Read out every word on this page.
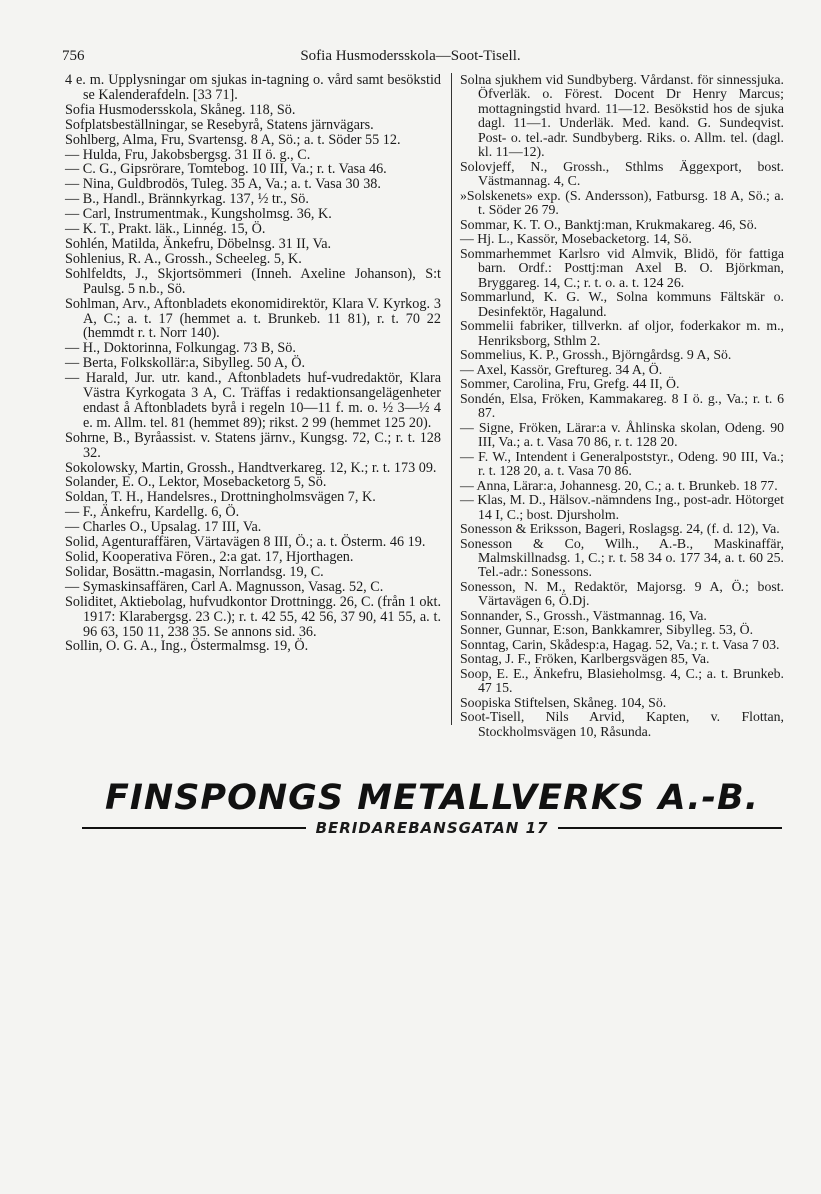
756	Sofia Husmodersskola—Soot-Tisell.

4 e. m. Upplysningar om sjukas in-tagning o. vård samt besökstid se Kalenderafdeln. [33 71].

Sofia Husmodersskola, Skåneg. 118, Sö.

Sofplatsbeställningar, se Resebyrå, Statens järnvägars.

Sohlberg, Alma, Fru, Svartensg. 8 A, Sö.; a. t. Söder 55 12.

— Hulda, Fru, Jakobsbergsg. 31 II ö. g., C.

— C. G., Gipsrörare, Tomtebog. 10 III, Va.; r. t. Vasa 46.

— Nina, Guldbrodös, Tuleg. 35 A, Va.; a. t. Vasa 30 38.

— B., Handl., Brännkyrkag. 137, ½ tr., Sö.

— Carl, Instrumentmak., Kungsholmsg. 36, K.

— K. T., Prakt. läk., Linnég. 15, Ö.

Sohlén, Matilda, Änkefru, Döbelnsg. 31 II, Va.

Sohlenius, R. A., Grossh., Scheeleg. 5, K.

Sohlfeldts, J., Skjortsömmeri (Inneh. Axeline Johanson), S:t Paulsg. 5 n.b., Sö.

Sohlman, Arv., Aftonbladets ekonomidirektör, Klara V. Kyrkog. 3 A, C.; a. t. 17 (hemmet a. t. Brunkeb. 11 81), r. t. 70 22 (hemmdt r. t. Norr 140).

— H., Doktorinna, Folkungag. 73 B, Sö.

— Berta, Folkskollär:a, Sibylleg. 50 A, Ö.

— Harald, Jur. utr. kand., Aftonbladets huf-vudredaktör, Klara Västra Kyrkogata 3 A, C. Träffas i redaktionsangelägenheter endast å Aftonbladets byrå i regeln 10—11 f. m. o. ½ 3—½ 4 e. m. Allm. tel. 81 (hemmet 89); rikst. 2 99 (hemmet 125 20).

Sohrne, B., Byråassist. v. Statens järnv., Kungsg. 72, C.; r. t. 128 32.

Sokolowsky, Martin, Grossh., Handtverkareg. 12, K.; r. t. 173 09.

Solander, E. O., Lektor, Mosebacketorg 5, Sö.

Soldan, T. H., Handelsres., Drottningholmsvägen 7, K.

— F., Änkefru, Kardellg. 6, Ö.

— Charles O., Upsalag. 17 III, Va.

Solid, Agenturaffären, Värtavägen 8 III, Ö.; a. t. Österm. 46 19.

Solid, Kooperativa Fören., 2:a gat. 17, Hjorthagen.

Solidar, Bosättn.-magasin, Norrlandsg. 19, C.

— Symaskinsaffären, Carl A. Magnusson, Vasag. 52, C.

Soliditet, Aktiebolag, hufvudkontor Drottningg. 26, C. (från 1 okt. 1917: Klarabergsg. 23 C.); r. t. 42 55, 42 56, 37 90, 41 55, a. t. 96 63, 150 11, 238 35. Se annons sid. 36.

Sollin, O. G. A., Ing., Östermalmsg. 19, Ö.

Solna sjukhem vid Sundbyberg. Vårdanst. för sinnessjuka. Öfverläk. o. Förest. Docent Dr Henry Marcus; mottagningstid hvard. 11—12. Besökstid hos de sjuka dagl. 11—1. Underläk. Med. kand. G. Sundeqvist. Post- o. tel.-adr. Sundbyberg. Riks. o. Allm. tel. (dagl. kl. 11—12).

Solovjeff, N., Grossh., Sthlms Äggexport, bost. Västmannag. 4, C.

»Solskenets» exp. (S. Andersson), Fatbursg. 18 A, Sö.; a. t. Söder 26 79.

Sommar, K. T. O., Banktj:man, Krukmakareg. 46, Sö.

— Hj. L., Kassör, Mosebacketorg. 14, Sö.

Sommarhemmet Karlsro vid Almvik, Blidö, för fattiga barn. Ordf.: Posttj:man Axel B. O. Björkman, Bryggareg. 14, C.; r. t. o. a. t. 124 26.

Sommarlund, K. G. W., Solna kommuns Fältskär o. Desinfektör, Hagalund.

Sommelii fabriker, tillverkn. af oljor, foderkakor m. m., Henriksborg, Sthlm 2.

Sommelius, K. P., Grossh., Björngårdsg. 9 A, Sö.

— Axel, Kassör, Greftureg. 34 A, Ö.

Sommer, Carolina, Fru, Grefg. 44 II, Ö.

Sondén, Elsa, Fröken, Kammakareg. 8 I ö. g., Va.; r. t. 6 87.

— Signe, Fröken, Lärar:a v. Åhlinska skolan, Odeng. 90 III, Va.; a. t. Vasa 70 86, r. t. 128 20.

— F. W., Intendent i Generalpoststyr., Odeng. 90 III, Va.; r. t. 128 20, a. t. Vasa 70 86.

— Anna, Lärar:a, Johannesg. 20, C.; a. t. Brunkeb. 18 77.

— Klas, M. D., Hälsov.-nämndens Ing., post-adr. Hötorget 14 I, C.; bost. Djursholm.

Sonesson & Eriksson, Bageri, Roslagsg. 24, (f. d. 12), Va.

Sonesson & Co, Wilh., A.-B., Maskinaffär, Malmskillnadsg. 1, C.; r. t. 58 34 o. 177 34, a. t. 60 25. Tel.-adr.: Sonessons.

Sonesson, N. M., Redaktör, Majorsg. 9 A, Ö.; bost. Värtavägen 6, Ö.Dj.

Sonnander, S., Grossh., Västmannag. 16, Va.

Sonner, Gunnar, E:son, Bankkamrer, Sibylleg. 53, Ö.

Sonntag, Carin, Skådesp:a, Hagag. 52, Va.; r. t. Vasa 7 03.

Sontag, J. F., Fröken, Karlbergsvägen 85, Va.

Soop, E. E., Änkefru, Blasieholmsg. 4, C.; a. t. Brunkeb. 47 15.

Soopiska Stiftelsen, Skåneg. 104, Sö.

Soot-Tisell, Nils Arvid, Kapten, v. Flottan, Stockholmsvägen 10, Råsunda.

FINSPONGS METALLVERKS A.-B.
BERIDAREBANSGATAN 17
